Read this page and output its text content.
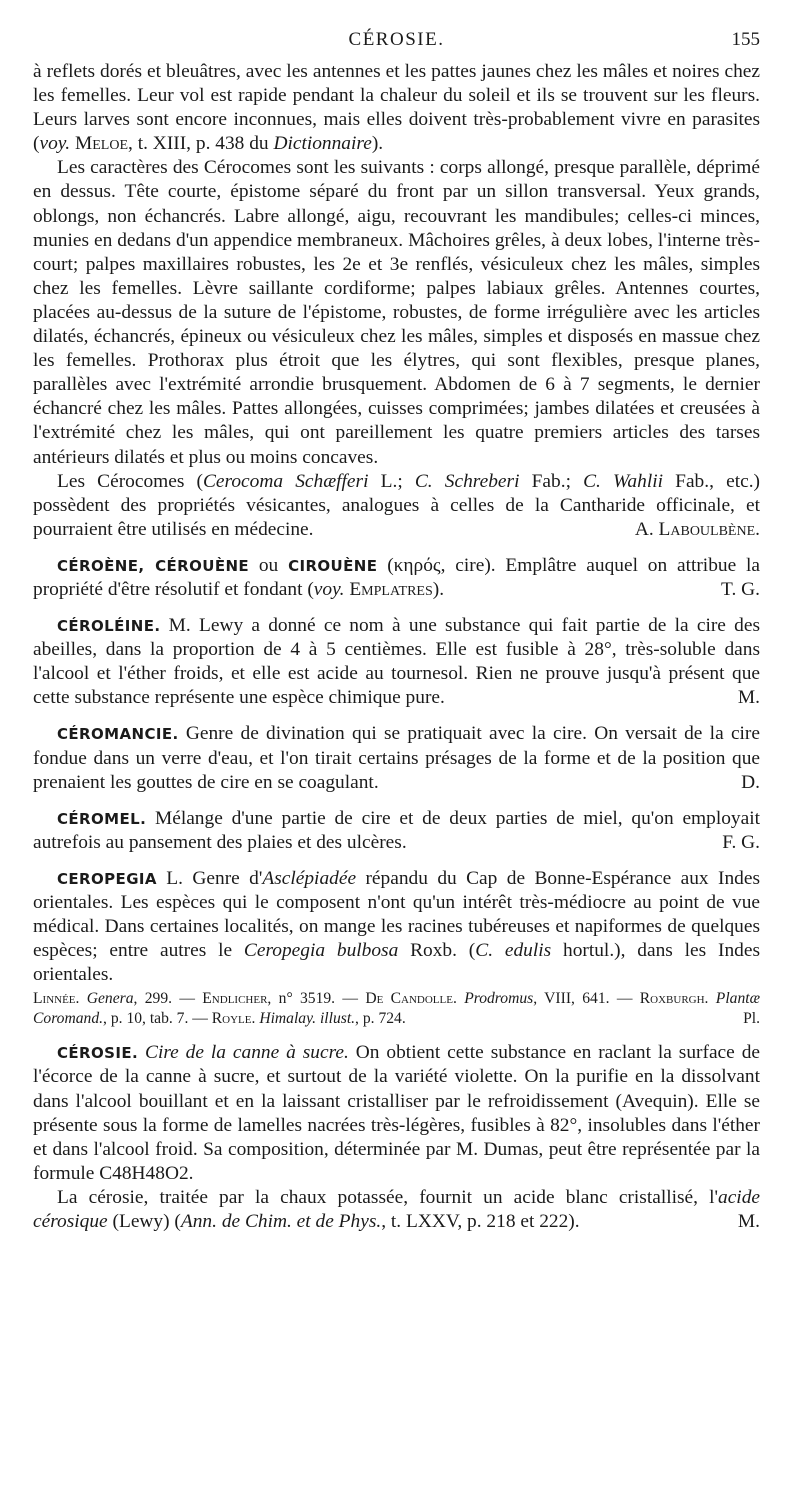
CÉROSIE.	155

à reflets dorés et bleuâtres, avec les antennes et les pattes jaunes chez les mâles et noires chez les femelles. Leur vol est rapide pendant la chaleur du soleil et ils se trouvent sur les fleurs. Leurs larves sont encore inconnues, mais elles doivent très-probablement vivre en parasites (voy. Meloe, t. XIII, p. 438 du Dictionnaire).

Les caractères des Cérocomes sont les suivants : corps allongé, presque parallèle, déprimé en dessus. Tête courte, épistome séparé du front par un sillon transversal. Yeux grands, oblongs, non échancrés. Labre allongé, aigu, recouvrant les mandibules; celles-ci minces, munies en dedans d'un appendice membraneux. Mâchoires grêles, à deux lobes, l'interne très-court; palpes maxillaires robustes, les 2e et 3e renflés, vésiculeux chez les mâles, simples chez les femelles. Lèvre saillante cordiforme; palpes labiaux grêles. Antennes courtes, placées au-dessus de la suture de l'épistome, robustes, de forme irrégulière avec les articles dilatés, échancrés, épineux ou vésiculeux chez les mâles, simples et disposés en massue chez les femelles. Prothorax plus étroit que les élytres, qui sont flexibles, presque planes, parallèles avec l'extrémité arrondie brusquement. Abdomen de 6 à 7 segments, le dernier échancré chez les mâles. Pattes allongées, cuisses comprimées; jambes dilatées et creusées à l'extrémité chez les mâles, qui ont pareillement les quatre premiers articles des tarses antérieurs dilatés et plus ou moins concaves.

Les Cérocomes (Cerocoma Schæfferi L.; C. Schreberi Fab.; C. Wahlii Fab., etc.) possèdent des propriétés vésicantes, analogues à celles de la Cantharide officinale, et pourraient être utilisés en médecine.	A. Laboulbène.

CÉROÈNE, CÉROUÈNE ou CIROUÈNE (κηρός, cire). Emplâtre auquel on attribue la propriété d'être résolutif et fondant (voy. Emplatres).	T. G.

CÉROLÉINE. M. Lewy a donné ce nom à une substance qui fait partie de la cire des abeilles, dans la proportion de 4 à 5 centièmes. Elle est fusible à 28°, très-soluble dans l'alcool et l'éther froids, et elle est acide au tournesol. Rien ne prouve jusqu'à présent que cette substance représente une espèce chimique pure.	M.

CÉROMANCIE. Genre de divination qui se pratiquait avec la cire. On versait de la cire fondue dans un verre d'eau, et l'on tirait certains présages de la forme et de la position que prenaient les gouttes de cire en se coagulant.	D.

CÉROMEL. Mélange d'une partie de cire et de deux parties de miel, qu'on employait autrefois au pansement des plaies et des ulcères.	F. G.

CEROPEGIA L. Genre d'Asclépiadée répandu du Cap de Bonne-Espérance aux Indes orientales. Les espèces qui le composent n'ont qu'un intérêt très-médiocre au point de vue médical. Dans certaines localités, on mange les racines tubéreuses et napiformes de quelques espèces; entre autres le Ceropegia bulbosa Roxb. (C. edulis hortul.), dans les Indes orientales.

Linnée. Genera, 299. — Endlicher, n° 3519. — De Candolle. Prodromus, VIII, 641. — Roxburgh. Plantæ Coromand., p. 10, tab. 7. — Royle. Himalay. illust., p. 724.	Pl.

CÉROSIE. Cire de la canne à sucre. On obtient cette substance en raclant la surface de l'écorce de la canne à sucre, et surtout de la variété violette. On la purifie en la dissolvant dans l'alcool bouillant et en la laissant cristalliser par le refroidissement (Avequin). Elle se présente sous la forme de lamelles nacrées très-légères, fusibles à 82°, insolubles dans l'éther et dans l'alcool froid. Sa composition, déterminée par M. Dumas, peut être représentée par la formule C48H48O2.

La cérosie, traitée par la chaux potassée, fournit un acide blanc cristallisé, l'acide cérosique (Lewy) (Ann. de Chim. et de Phys., t. LXXV, p. 218 et 222).	M.
